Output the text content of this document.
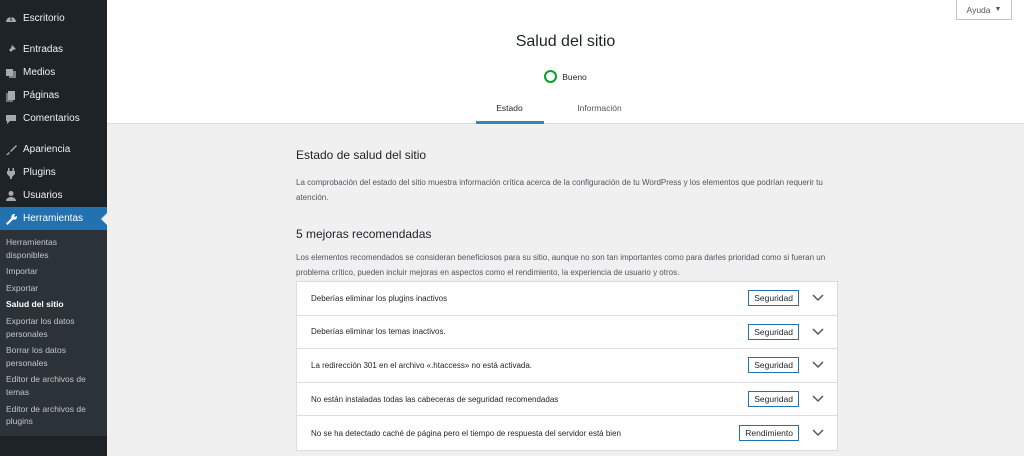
Escritorio
Entradas
Medios
Páginas
Comentarios
Apariencia
Plugins
Usuarios
Herramientas
Herramientas disponibles
Importar
Exportar
Salud del sitio
Exportar los datos personales
Borrar los datos personales
Editor de archivos de temas
Editor de archivos de plugins
Ayuda ▼
Salud del sitio
Bueno
Estado	Información
Estado de salud del sitio
La comprobación del estado del sitio muestra información crítica acerca de la configuración de tu WordPress y los elementos que podrían requerir tu atención.
5 mejoras recomendadas
Los elementos recomendados se consideran beneficiosos para su sitio, aunque no son tan importantes como para darles prioridad como si fueran un problema crítico, pueden incluir mejoras en aspectos como el rendimiento, la experiencia de usuario y otros.
Deberías eliminar los plugins inactivos	Seguridad
Deberías eliminar los temas inactivos.	Seguridad
La redirección 301 en el archivo «.htaccess» no está activada.	Seguridad
No están instaladas todas las cabeceras de seguridad recomendadas	Seguridad
No se ha detectado caché de página pero el tiempo de respuesta del servidor está bien	Rendimiento
